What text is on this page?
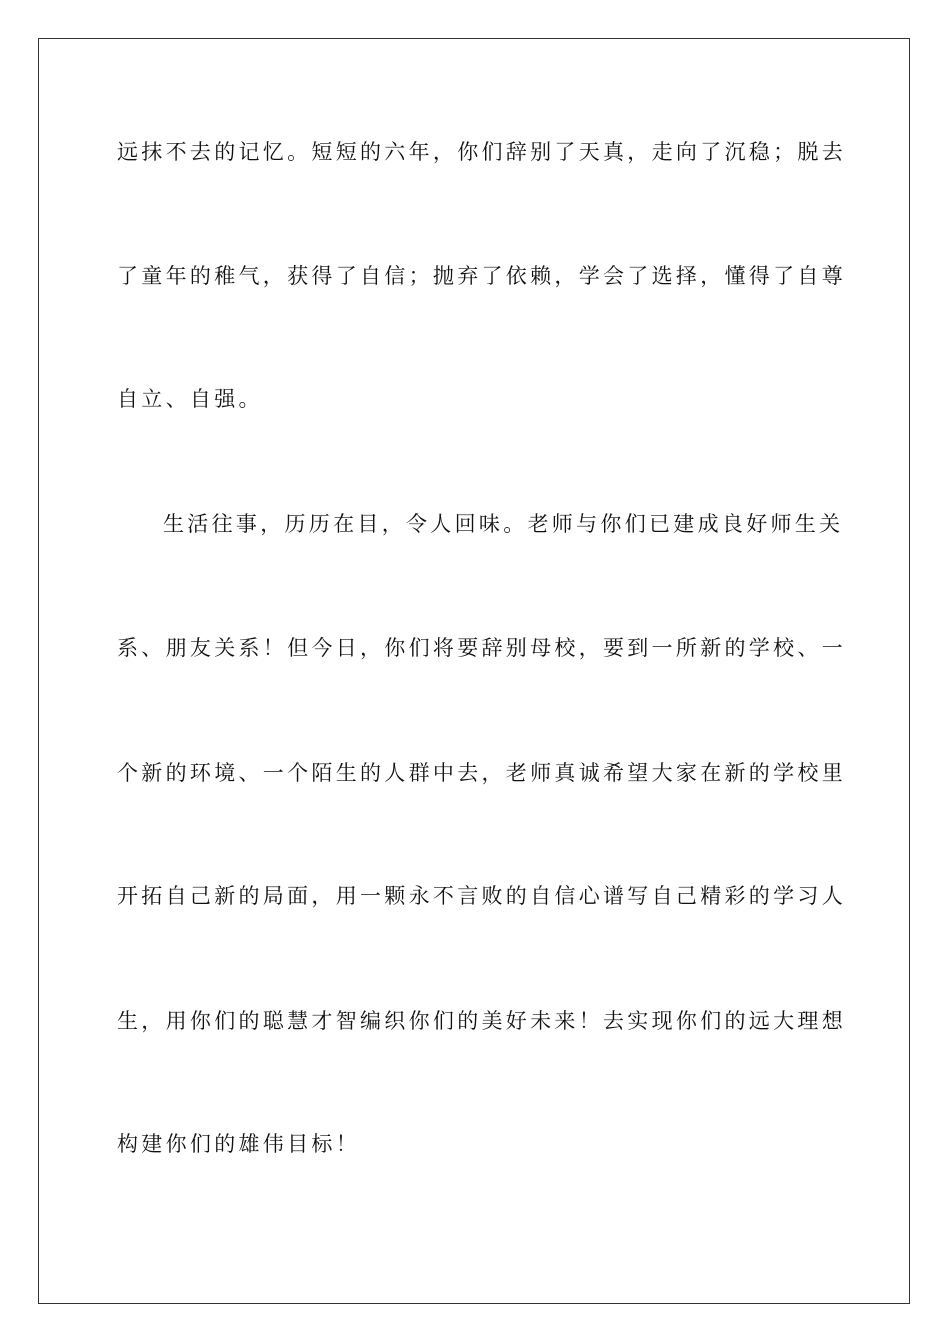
远抹不去的记忆。短短的六年，你们辞别了天真，走向了沉稳；脱去
了童年的稚气，获得了自信；抛弃了依赖，学会了选择，懂得了自尊
自立、自强。
生活往事，历历在目，令人回味。老师与你们已建成良好师生关
系、朋友关系！但今日，你们将要辞别母校，要到一所新的学校、一
个新的环境、一个陌生的人群中去，老师真诚希望大家在新的学校里
开拓自己新的局面，用一颗永不言败的自信心谱写自己精彩的学习人
生，用你们的聪慧才智编织你们的美好未来！去实现你们的远大理想
构建你们的雄伟目标！
